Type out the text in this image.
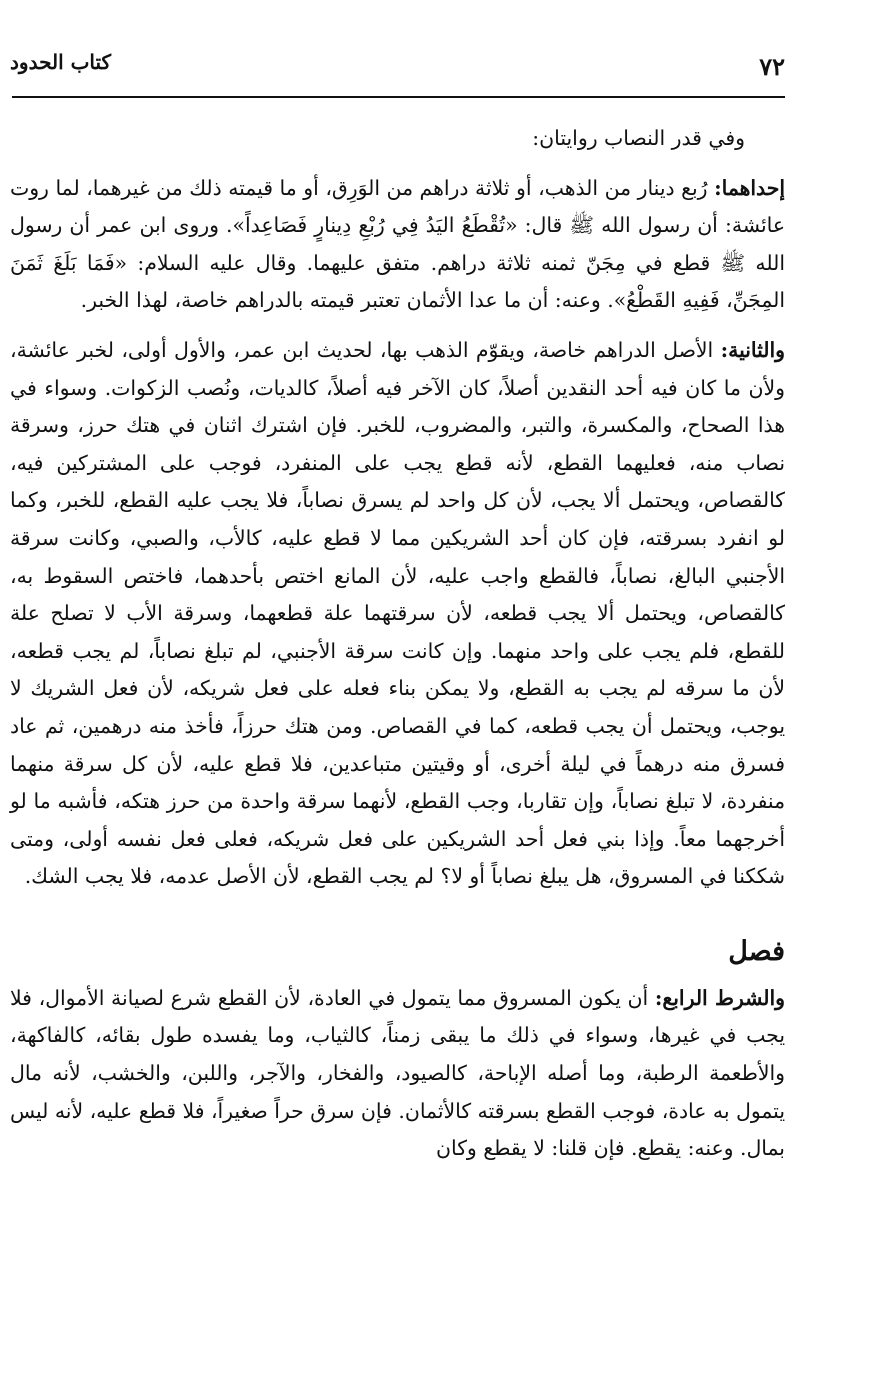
٧٢
كتاب الحدود

وفي قدر النصاب روايتان:

إحداهما: رُبع دينار من الذهب، أو ثلاثة دراهم من الوَرِق، أو ما قيمته ذلك من غيرهما، لما روت عائشة: أن رسول الله ﷺ قال: «تُقْطَعُ اليَدُ فِي رُبْعِ دِينارٍ فَصَاعِداً». وروى ابن عمر أن رسول الله ﷺ قطع في مِجَنّ ثمنه ثلاثة دراهم. متفق عليهما. وقال عليه السلام: «فَمَا بَلَغَ ثَمَنَ المِجَنِّ، فَفِيهِ القَطْعُ». وعنه: أن ما عدا الأثمان تعتبر قيمته بالدراهم خاصة، لهذا الخبر.

والثانية: الأصل الدراهم خاصة، ويقوّم الذهب بها، لحديث ابن عمر، والأول أولى، لخبر عائشة، ولأن ما كان فيه أحد النقدين أصلاً، كان الآخر فيه أصلاً، كالديات، ونُصب الزكوات. وسواء في هذا الصحاح، والمكسرة، والتبر، والمضروب، للخبر. فإن اشترك اثنان في هتك حرز، وسرقة نصاب منه، فعليهما القطع، لأنه قطع يجب على المنفرد، فوجب على المشتركين فيه، كالقصاص، ويحتمل ألا يجب، لأن كل واحد لم يسرق نصاباً، فلا يجب عليه القطع، للخبر، وكما لو انفرد بسرقته، فإن كان أحد الشريكين مما لا قطع عليه، كالأب، والصبي، وكانت سرقة الأجنبي البالغ، نصاباً، فالقطع واجب عليه، لأن المانع اختص بأحدهما، فاختص السقوط به، كالقصاص، ويحتمل ألا يجب قطعه، لأن سرقتهما علة قطعهما، وسرقة الأب لا تصلح علة للقطع، فلم يجب على واحد منهما. وإن كانت سرقة الأجنبي، لم تبلغ نصاباً، لم يجب قطعه، لأن ما سرقه لم يجب به القطع، ولا يمكن بناء فعله على فعل شريكه، لأن فعل الشريك لا يوجب، ويحتمل أن يجب قطعه، كما في القصاص. ومن هتك حرزاً، فأخذ منه درهمين، ثم عاد فسرق منه درهماً في ليلة أخرى، أو وقيتين متباعدين، فلا قطع عليه، لأن كل سرقة منهما منفردة، لا تبلغ نصاباً، وإن تقاربا، وجب القطع، لأنهما سرقة واحدة من حرز هتكه، فأشبه ما لو أخرجهما معاً. وإذا بني فعل أحد الشريكين على فعل شريكه، فعلى فعل نفسه أولى، ومتى شككنا في المسروق، هل يبلغ نصاباً أو لا؟ لم يجب القطع، لأن الأصل عدمه، فلا يجب الشك.

فصل

والشرط الرابع: أن يكون المسروق مما يتمول في العادة، لأن القطع شرع لصيانة الأموال، فلا يجب في غيرها، وسواء في ذلك ما يبقى زمناً، كالثياب، وما يفسده طول بقائه، كالفاكهة، والأطعمة الرطبة، وما أصله الإباحة، كالصيود، والفخار، والآجر، واللبن، والخشب، لأنه مال يتمول به عادة، فوجب القطع بسرقته كالأثمان. فإن سرق حراً صغيراً، فلا قطع عليه، لأنه ليس بمال. وعنه: يقطع. فإن قلنا: لا يقطع وكان
